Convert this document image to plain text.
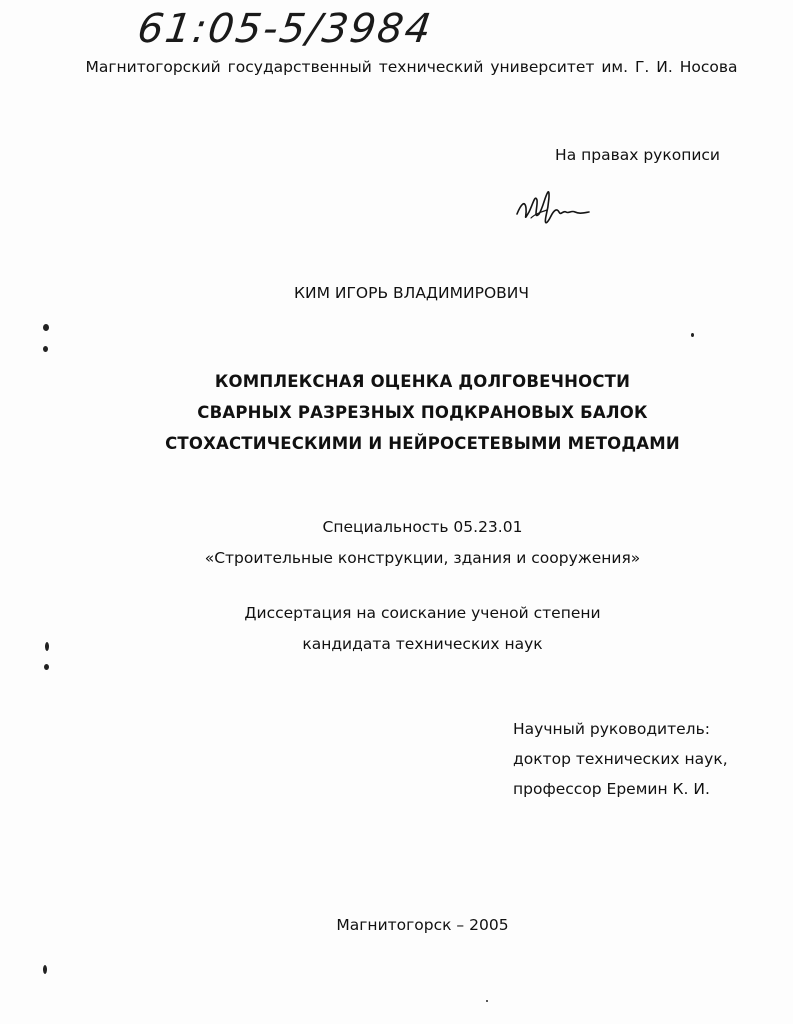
61:05-5/3984
Магнитогорский государственный технический университет им. Г. И. Носова
На правах рукописи
КИМ ИГОРЬ ВЛАДИМИРОВИЧ
КОМПЛЕКСНАЯ ОЦЕНКА ДОЛГОВЕЧНОСТИ
СВАРНЫХ РАЗРЕЗНЫХ ПОДКРАНОВЫХ БАЛОК
СТОХАСТИЧЕСКИМИ И НЕЙРОСЕТЕВЫМИ МЕТОДАМИ
Специальность 05.23.01
«Строительные конструкции, здания и сооружения»
Диссертация на соискание ученой степени
кандидата технических наук
Научный руководитель:
доктор технических наук,
профессор Еремин К. И.
Магнитогорск – 2005
